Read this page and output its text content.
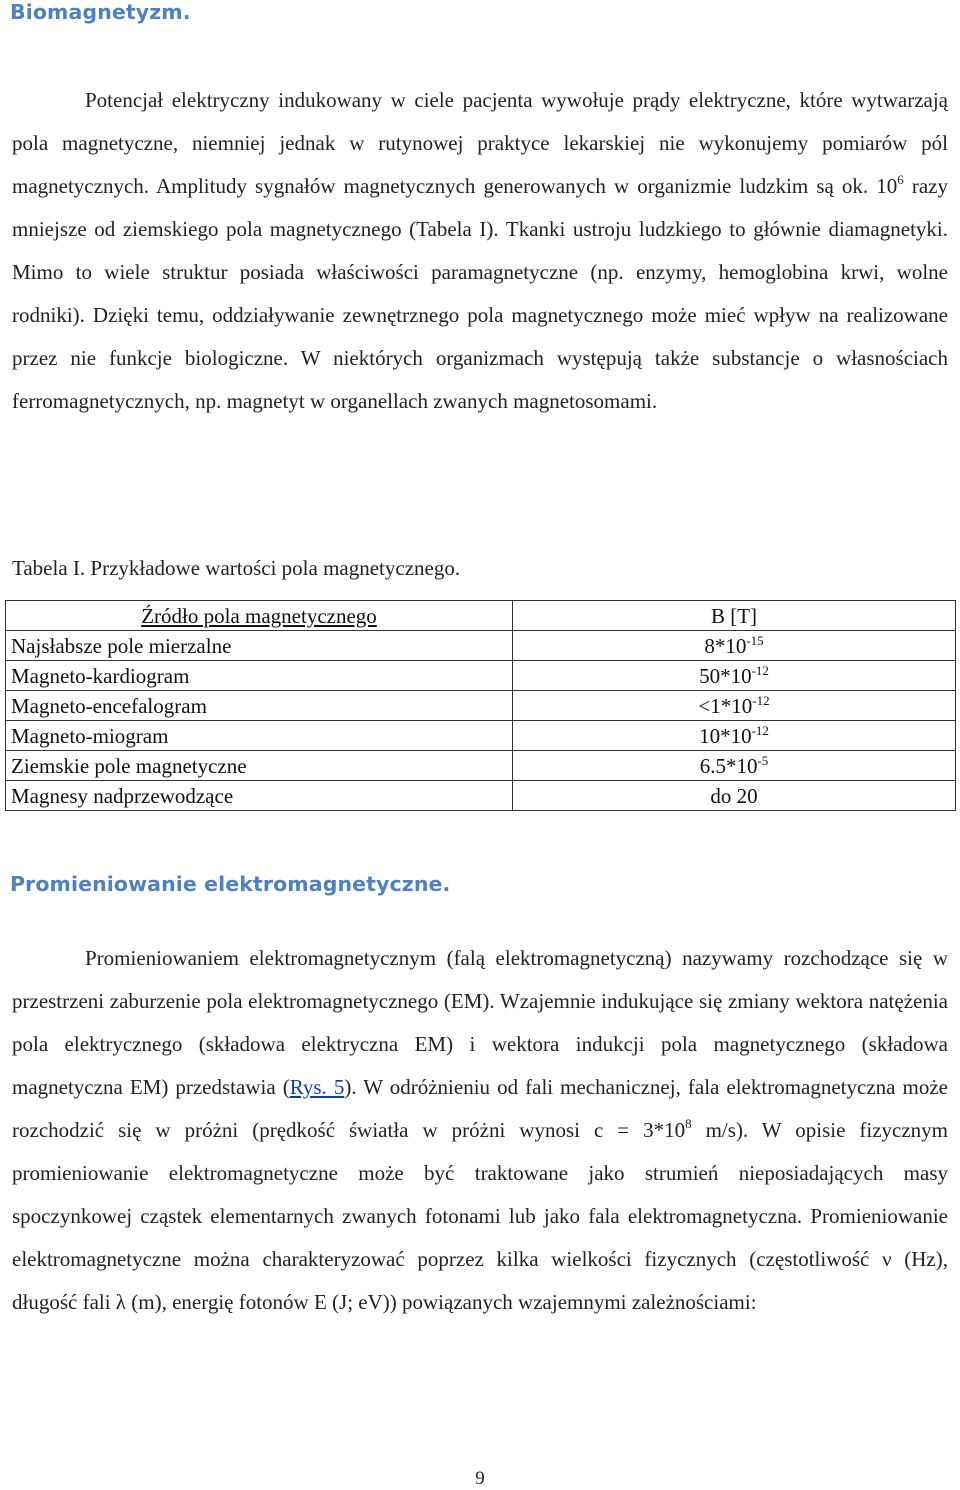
Biomagnetyzm.

Potencjał elektryczny indukowany w ciele pacjenta wywołuje prądy elektryczne, które wytwarzają pola magnetyczne, niemniej jednak w rutynowej praktyce lekarskiej nie wykonujemy pomiarów pól magnetycznych. Amplitudy sygnałów magnetycznych generowanych w organizmie ludzkim są ok. $10^6$ razy mniejsze od ziemskiego pola magnetycznego (Tabela I). Tkanki ustroju ludzkiego to głównie diamagnetyki. Mimo to wiele struktur posiada właściwości paramagnetyczne (np. enzymy, hemoglobina krwi, wolne rodniki). Dzięki temu, oddziaływanie zewnętrznego pola magnetycznego może mieć wpływ na realizowane przez nie funkcje biologiczne. W niektórych organizmach występują także substancje o własnościach ferromagnetycznych, np. magnetyt w organellach zwanych magnetosomami.

Tabela I. Przykładowe wartości pola magnetycznego.

Źródło pola magnetycznego	B [T]
Najsłabsze pole mierzalne	$8*10^{-15}$
Magneto-kardiogram	$50*10^{-12}$
Magneto-encefalogram	$<1*10^{-12}$
Magneto-miogram	$10*10^{-12}$
Ziemskie pole magnetyczne	$6.5*10^{-5}$
Magnesy nadprzewodzące	do 20
Promieniowanie elektromagnetyczne.

Promieniowaniem elektromagnetycznym (falą elektromagnetyczną) nazywamy rozchodzące się w przestrzeni zaburzenie pola elektromagnetycznego (EM). Wzajemnie indukujące się zmiany wektora natężenia pola elektrycznego (składowa elektryczna EM) i wektora indukcji pola magnetycznego (składowa magnetyczna EM) przedstawia (Rys. 5). W odróżnieniu od fali mechanicznej, fala elektromagnetyczna może rozchodzić się w próżni (prędkość światła w próżni wynosi $c = 3*10^8$ m/s). W opisie fizycznym promieniowanie elektromagnetyczne może być traktowane jako strumień nieposiadających masy spoczynkowej cząstek elementarnych zwanych fotonami lub jako fala elektromagnetyczna. Promieniowanie elektromagnetyczne można charakteryzować poprzez kilka wielkości fizycznych (częstotliwość ν (Hz), długość fali λ (m), energię fotonów E (J; eV)) powiązanych wzajemnymi zależnościami:

9
